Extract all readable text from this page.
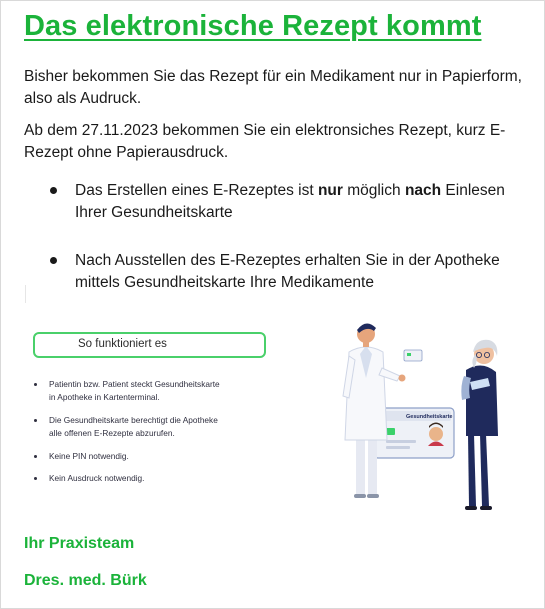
Das elektronische Rezept kommt
Bisher bekommen Sie das Rezept für ein Medikament nur in Papierform,
also als Audruck.
Ab dem 27.11.2023 bekommen Sie ein elektronsiches Rezept, kurz E-
Rezept ohne Papierausdruck.
Das Erstellen eines E-Rezeptes ist nur möglich nach Einlesen
Ihrer Gesundheitskarte
Nach Ausstellen des E-Rezeptes erhalten Sie in der Apotheke
mittels Gesundheitskarte Ihre Medikamente
So funktioniert es
Patientin bzw. Patient steckt Gesundheitskarte
in Apotheke in Kartenterminal.
Die Gesundheitskarte berechtigt die Apotheke
alle offenen E-Rezepte abzurufen.
Keine PIN notwendig.
Kein Ausdruck notwendig.
Gesundheitskarte
Ihr Praxisteam
Dres. med. Bürk
